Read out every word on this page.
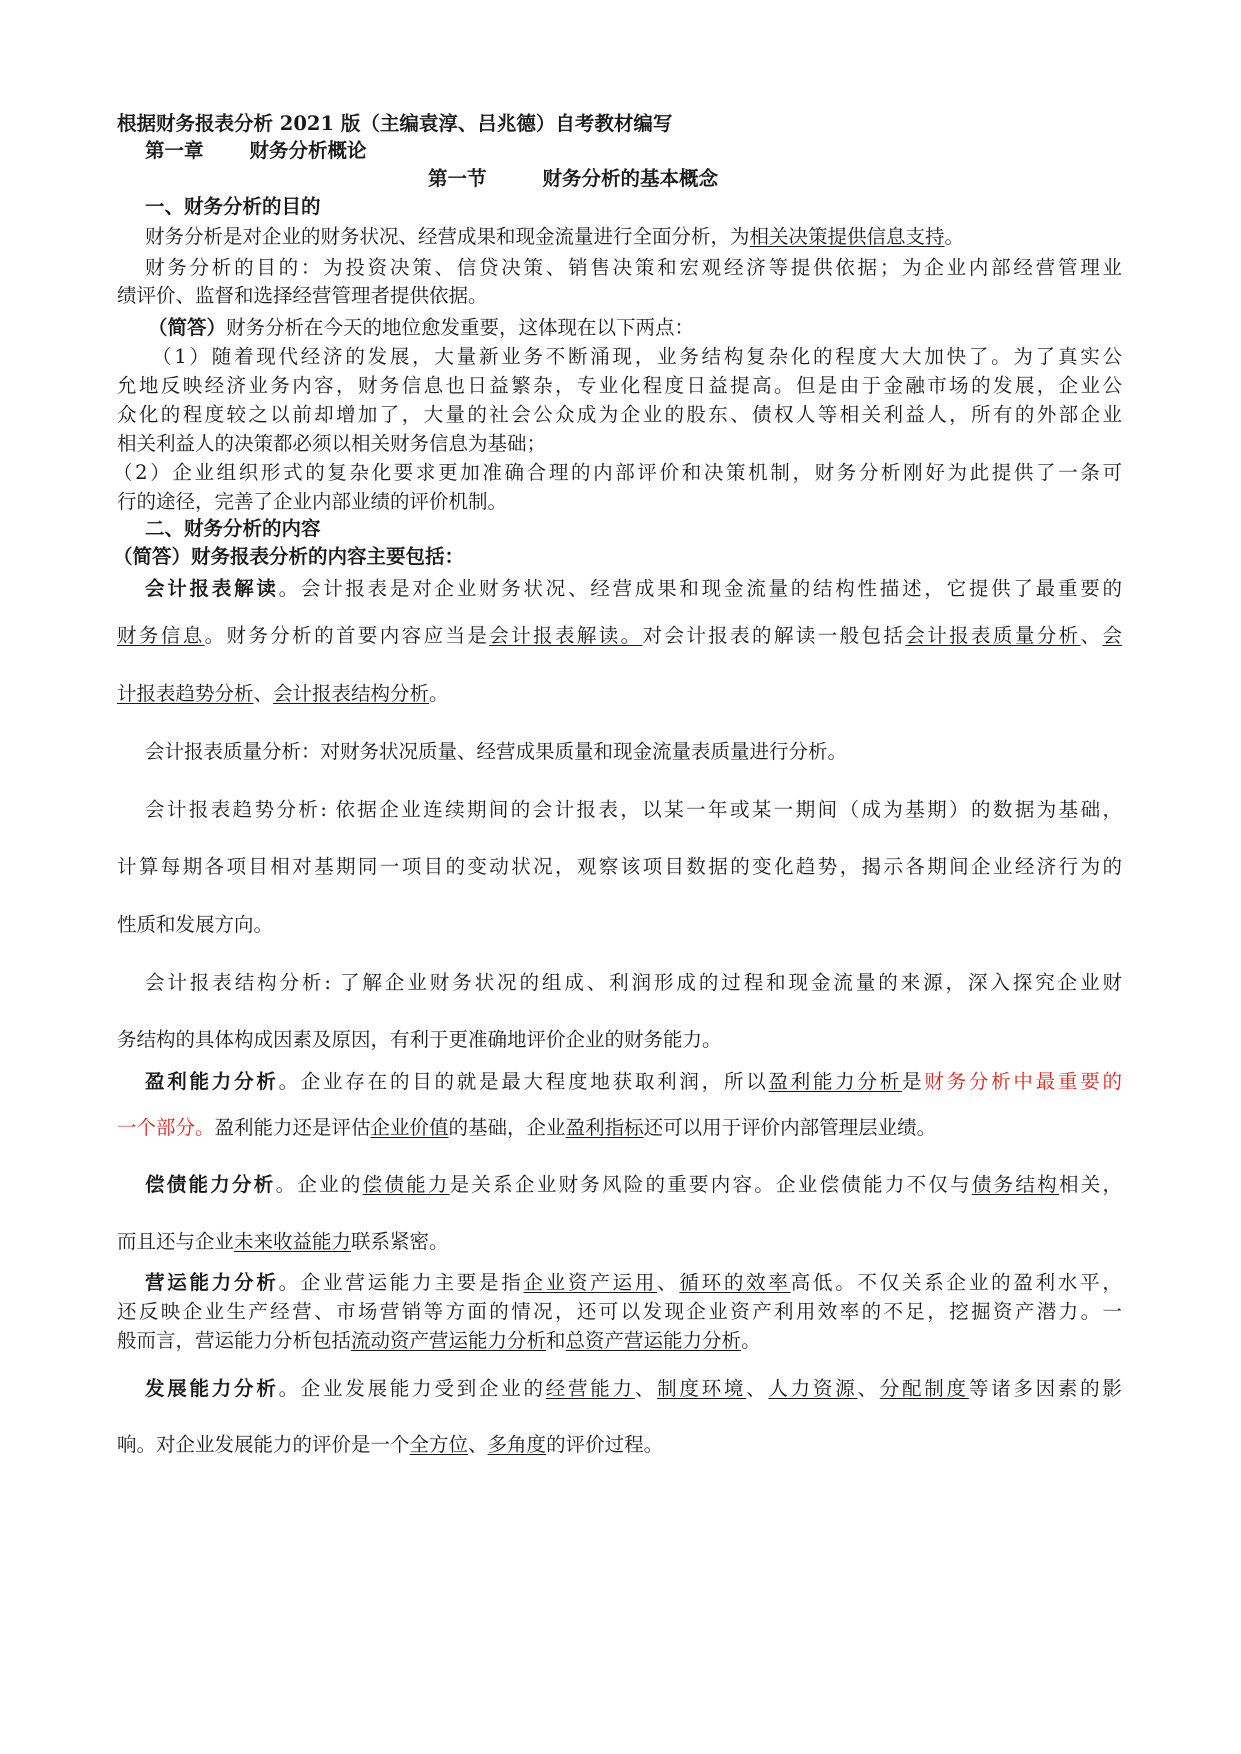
根据财务报表分析 2021 版（主编袁淳、吕兆德）自考教材编写
第一章 财务分析概论
第一节	财务分析的基本概念
一、财务分析的目的
财务分析是对企业的财务状况、经营成果和现金流量进行全面分析，为相关决策提供信息支持。
财务分析的目的：为投资决策、信贷决策、销售决策和宏观经济等提供依据；为企业内部经营管理业
绩评价、监督和选择经营管理者提供依据。
（简答）财务分析在今天的地位愈发重要，这体现在以下两点：
（1）随着现代经济的发展，大量新业务不断涌现，业务结构复杂化的程度大大加快了。为了真实公
允地反映经济业务内容，财务信息也日益繁杂，专业化程度日益提高。但是由于金融市场的发展，企业公
众化的程度较之以前却增加了，大量的社会公众成为企业的股东、债权人等相关利益人，所有的外部企业
相关利益人的决策都必须以相关财务信息为基础；
（2）企业组织形式的复杂化要求更加准确合理的内部评价和决策机制，财务分析刚好为此提供了一条可
行的途径，完善了企业内部业绩的评价机制。
二、财务分析的内容
（简答）财务报表分析的内容主要包括：
会计报表解读。会计报表是对企业财务状况、经营成果和现金流量的结构性描述，它提供了最重要的
财务信息。财务分析的首要内容应当是会计报表解读。对会计报表的解读一般包括会计报表质量分析、会
计报表趋势分析、会计报表结构分析。
会计报表质量分析：对财务状况质量、经营成果质量和现金流量表质量进行分析。
会计报表趋势分析: 依据企业连续期间的会计报表，以某一年或某一期间（成为基期）的数据为基础，
计算每期各项目相对基期同一项目的变动状况，观察该项目数据的变化趋势，揭示各期间企业经济行为的
性质和发展方向。
会计报表结构分析: 了解企业财务状况的组成、利润形成的过程和现金流量的来源，深入探究企业财
务结构的具体构成因素及原因，有利于更准确地评价企业的财务能力。
盈利能力分析。企业存在的目的就是最大程度地获取利润，所以盈利能力分析是财务分析中最重要的
一个部分。盈利能力还是评估企业价值的基础，企业盈利指标还可以用于评价内部管理层业绩。
偿债能力分析。企业的偿债能力是关系企业财务风险的重要内容。企业偿债能力不仅与债务结构相关，
而且还与企业未来收益能力联系紧密。
营运能力分析。企业营运能力主要是指企业资产运用、循环的效率高低。不仅关系企业的盈利水平，
还反映企业生产经营、市场营销等方面的情况，还可以发现企业资产利用效率的不足，挖掘资产潜力。一
般而言，营运能力分析包括流动资产营运能力分析和总资产营运能力分析。
发展能力分析。企业发展能力受到企业的经营能力、制度环境、人力资源、分配制度等诸多因素的影
响。对企业发展能力的评价是一个全方位、多角度的评价过程。
